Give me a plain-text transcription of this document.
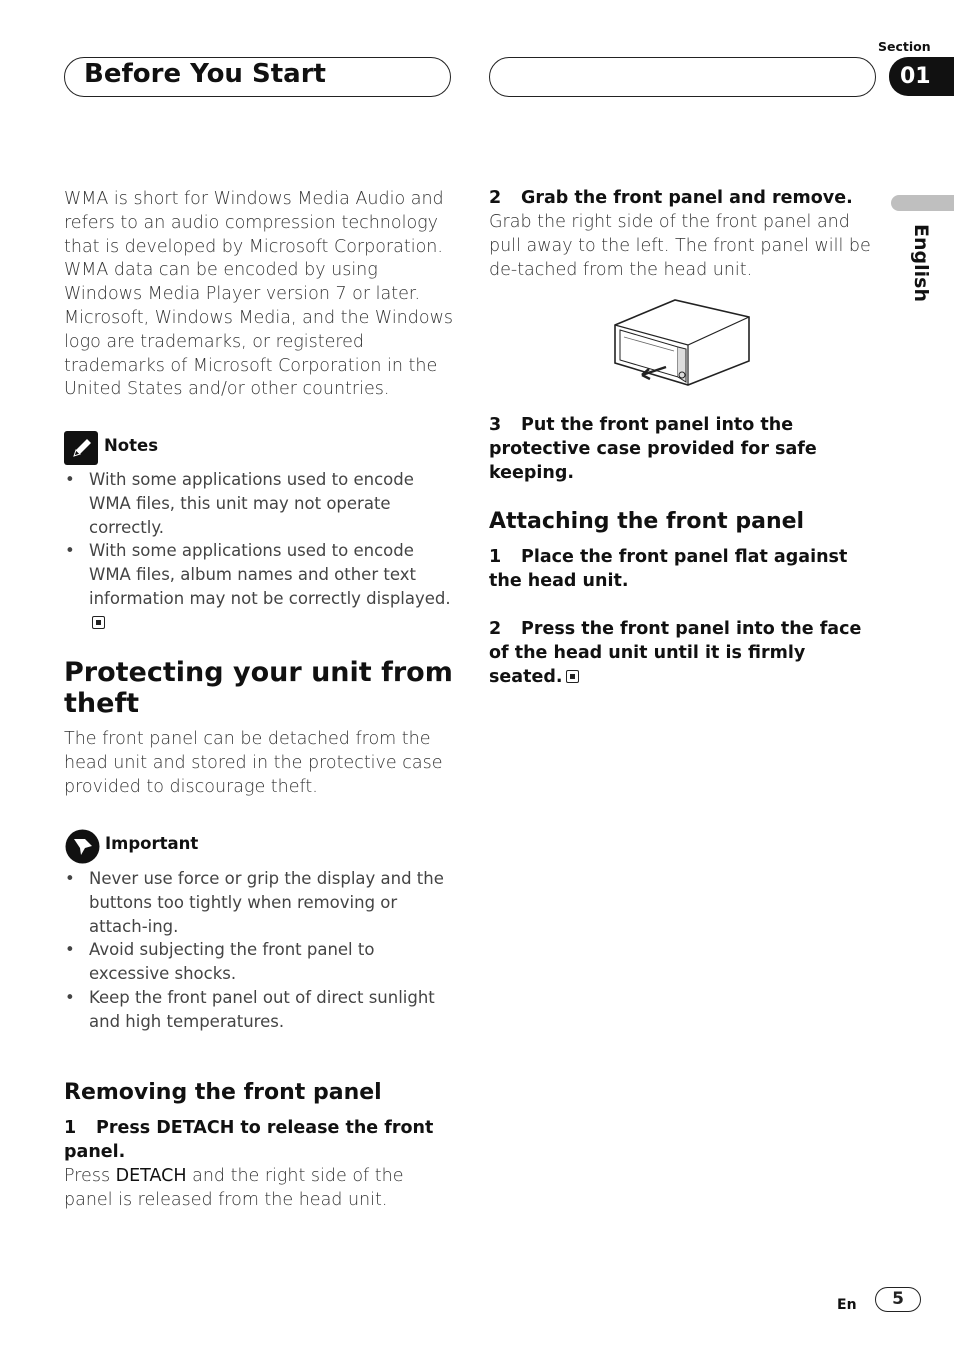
Before You Start
Section
01
English
WMA is short for Windows Media Audio and refers to an audio compression technology that is developed by Microsoft Corporation. WMA data can be encoded by using Windows Media Player version 7 or later.
Microsoft, Windows Media, and the Windows logo are trademarks, or registered trademarks of Microsoft Corporation in the United States and/or other countries.
Notes
• With some applications used to encode WMA files, this unit may not operate correctly.
• With some applications used to encode WMA files, album names and other text information may not be correctly displayed.
Protecting your unit from theft
The front panel can be detached from the head unit and stored in the protective case provided to discourage theft.
Important
• Never use force or grip the display and the buttons too tightly when removing or attach-ing.
• Avoid subjecting the front panel to excessive shocks.
• Keep the front panel out of direct sunlight and high temperatures.
Removing the front panel
1 Press DETACH to release the front panel.
Press DETACH and the right side of the panel is released from the head unit.
2 Grab the front panel and remove.
Grab the right side of the front panel and pull away to the left. The front panel will be de-tached from the head unit.
3 Put the front panel into the protective case provided for safe keeping.
Attaching the front panel
1 Place the front panel flat against the head unit.
2 Press the front panel into the face of the head unit until it is firmly seated.
En	5
